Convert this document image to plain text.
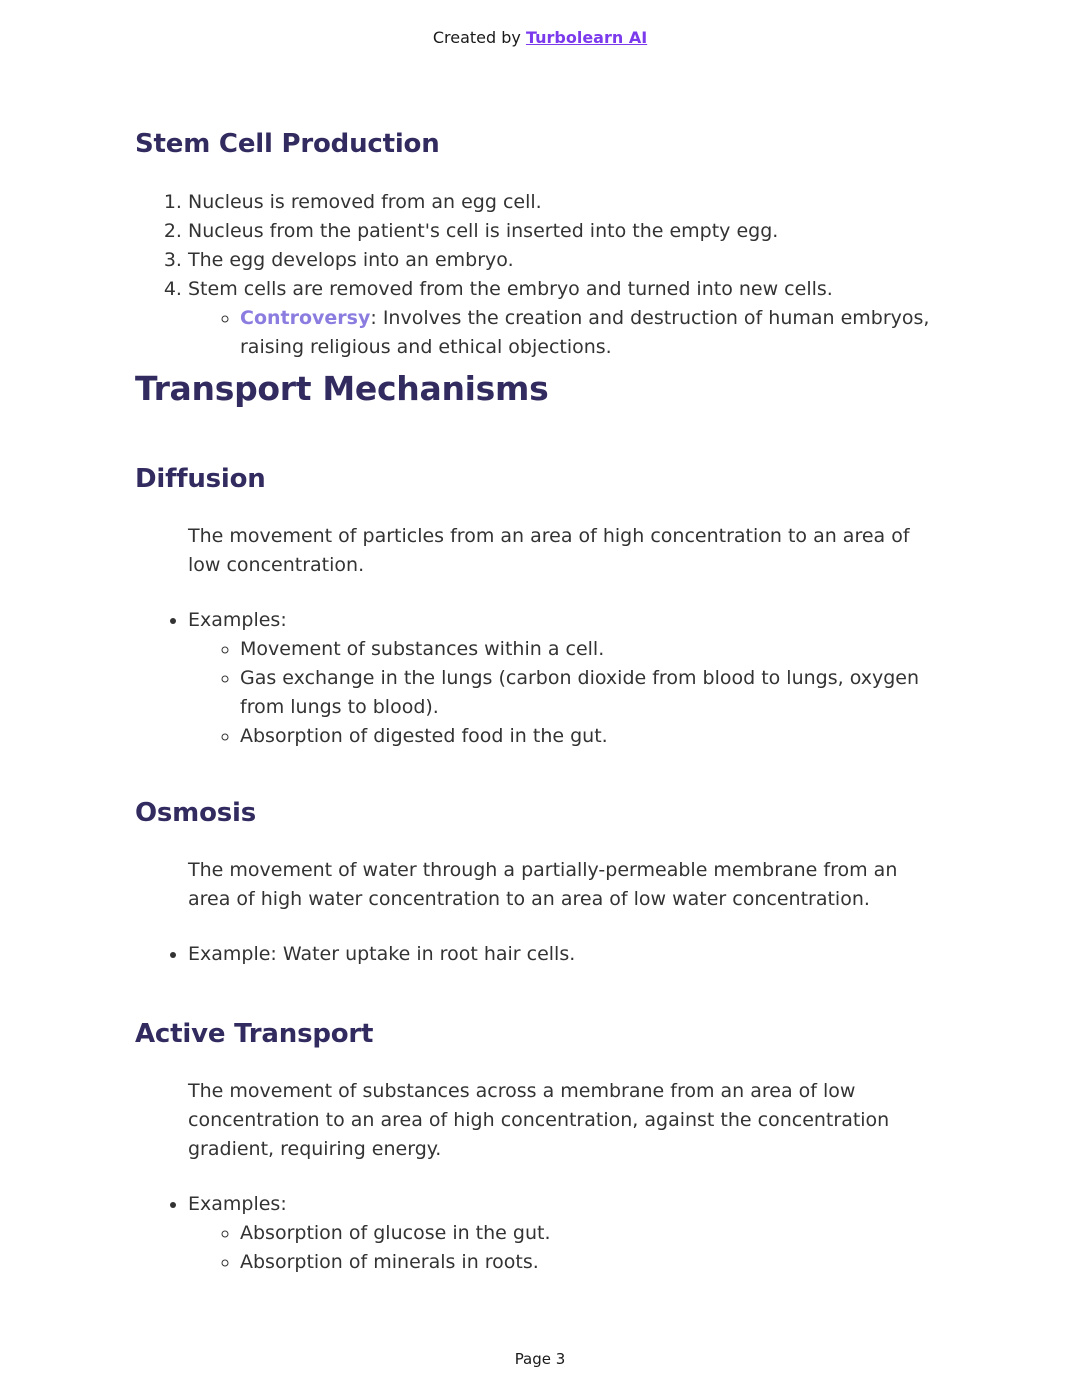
Created by Turbolearn AI
Stem Cell Production
1. Nucleus is removed from an egg cell.
2. Nucleus from the patient's cell is inserted into the empty egg.
3. The egg develops into an embryo.
4. Stem cells are removed from the embryo and turned into new cells.
◦ Controversy: Involves the creation and destruction of human embryos, raising religious and ethical objections.
Transport Mechanisms
Diffusion

The movement of particles from an area of high concentration to an area of low concentration.

• Examples:
◦ Movement of substances within a cell.
◦ Gas exchange in the lungs (carbon dioxide from blood to lungs, oxygen from lungs to blood).
◦ Absorption of digested food in the gut.
Osmosis

The movement of water through a partially-permeable membrane from an area of high water concentration to an area of low water concentration.

• Example: Water uptake in root hair cells.
Active Transport

The movement of substances across a membrane from an area of low concentration to an area of high concentration, against the concentration gradient, requiring energy.

• Examples:
◦ Absorption of glucose in the gut.
◦ Absorption of minerals in roots.
Page 3
